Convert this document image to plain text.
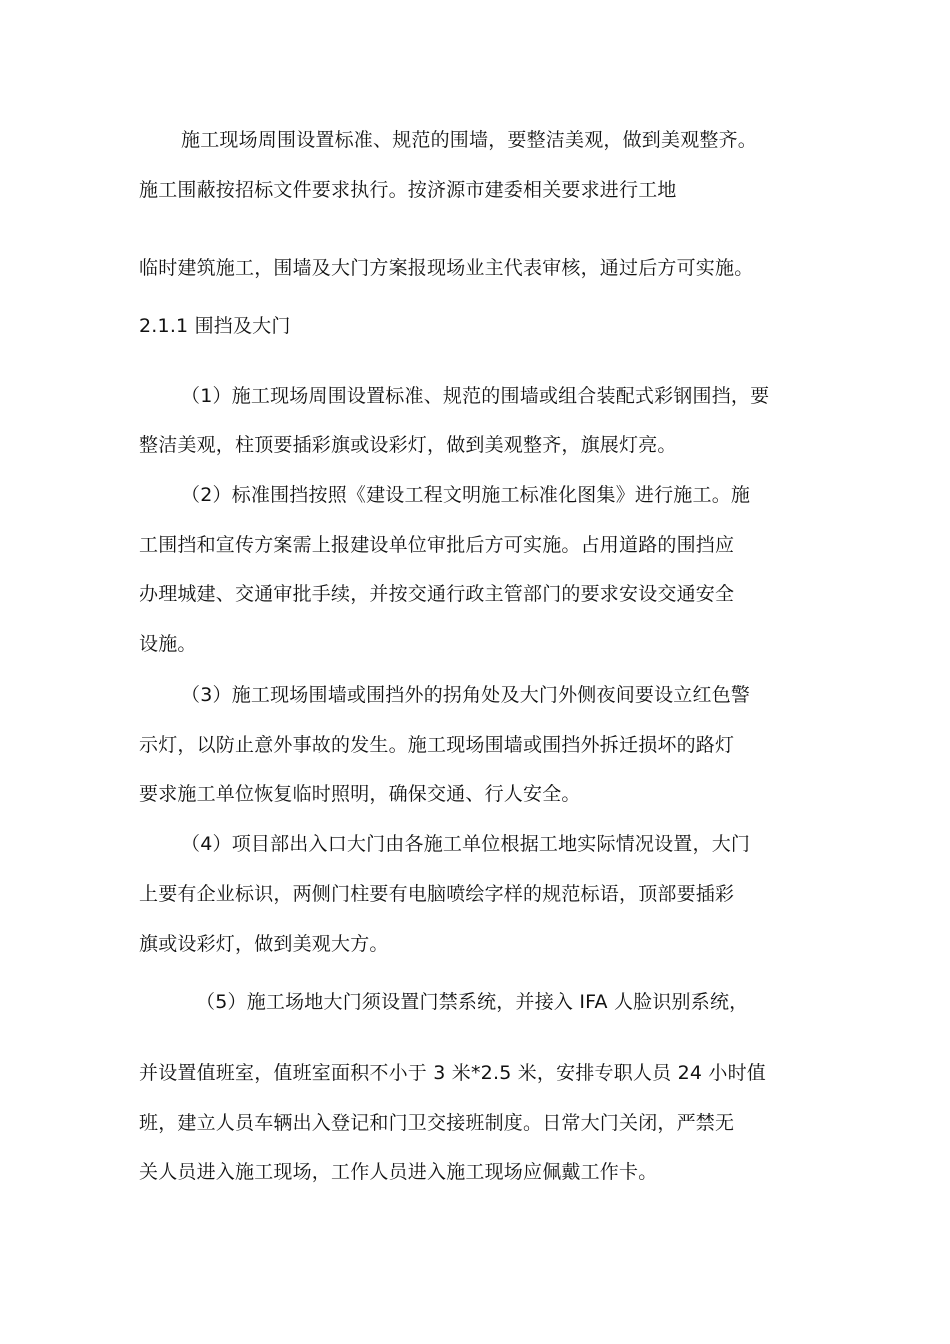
施工现场周围设置标准、规范的围墙，要整洁美观，做到美观整齐。
施工围蔽按招标文件要求执行。按济源市建委相关要求进行工地
临时建筑施工，围墙及大门方案报现场业主代表审核，通过后方可实施。
2.1.1 围挡及大门
（1）施工现场周围设置标准、规范的围墙或组合装配式彩钢围挡，要
整洁美观，柱顶要插彩旗或设彩灯，做到美观整齐，旗展灯亮。
（2）标准围挡按照《建设工程文明施工标准化图集》进行施工。施
工围挡和宣传方案需上报建设单位审批后方可实施。占用道路的围挡应
办理城建、交通审批手续，并按交通行政主管部门的要求安设交通安全
设施。
（3）施工现场围墙或围挡外的拐角处及大门外侧夜间要设立红色警
示灯，以防止意外事故的发生。施工现场围墙或围挡外拆迁损坏的路灯
要求施工单位恢复临时照明，确保交通、行人安全。
（4）项目部出入口大门由各施工单位根据工地实际情况设置，大门
上要有企业标识，两侧门柱要有电脑喷绘字样的规范标语，顶部要插彩
旗或设彩灯，做到美观大方。
（5）施工场地大门须设置门禁系统，并接入 IFA 人脸识别系统，
并设置值班室，值班室面积不小于 3 米*2.5 米，安排专职人员 24 小时值
班，建立人员车辆出入登记和门卫交接班制度。日常大门关闭，严禁无
关人员进入施工现场，工作人员进入施工现场应佩戴工作卡。
